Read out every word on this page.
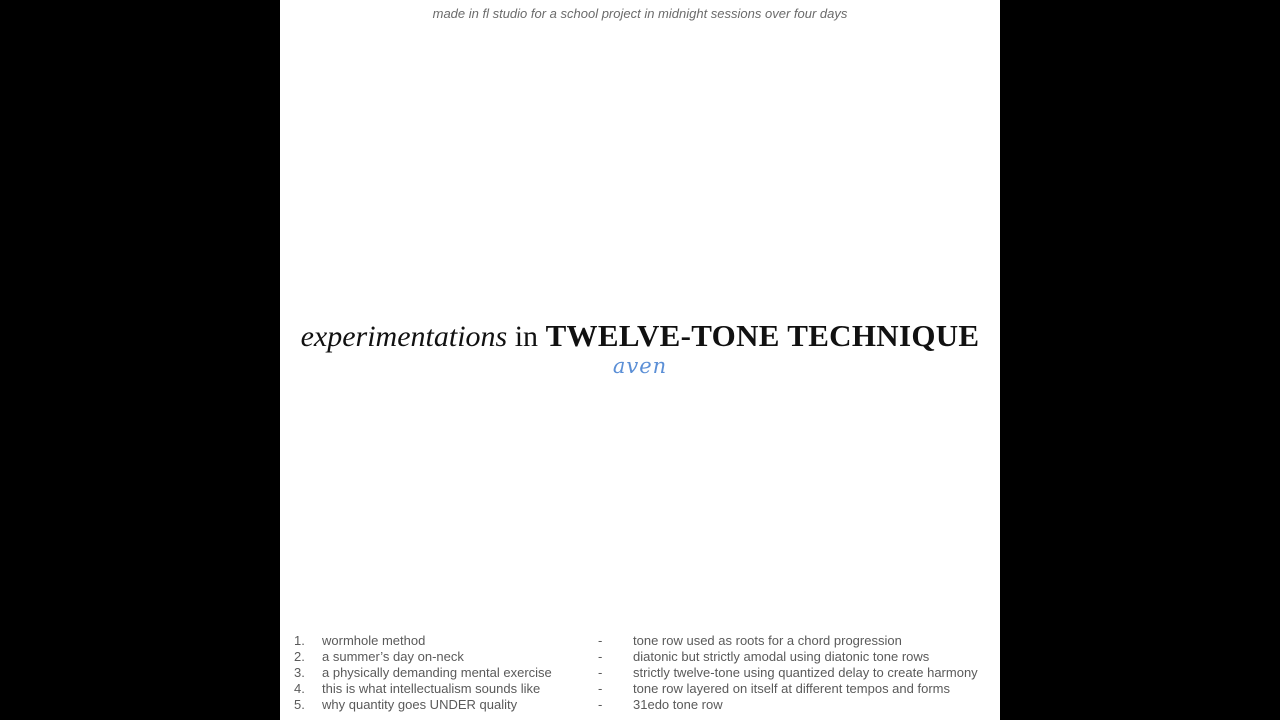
made in fl studio for a school project in midnight sessions over four days
experimentations in TWELVE-TONE TECHNIQUE
aven
1. wormhole method	- tone row used as roots for a chord progression
2. a summer’s day on-neck	- diatonic but strictly amodal using diatonic tone rows
3. a physically demanding mental exercise	- strictly twelve-tone using quantized delay to create harmony
4. this is what intellectualism sounds like	- tone row layered on itself at different tempos and forms
5. why quantity goes UNDER quality	- 31edo tone row
